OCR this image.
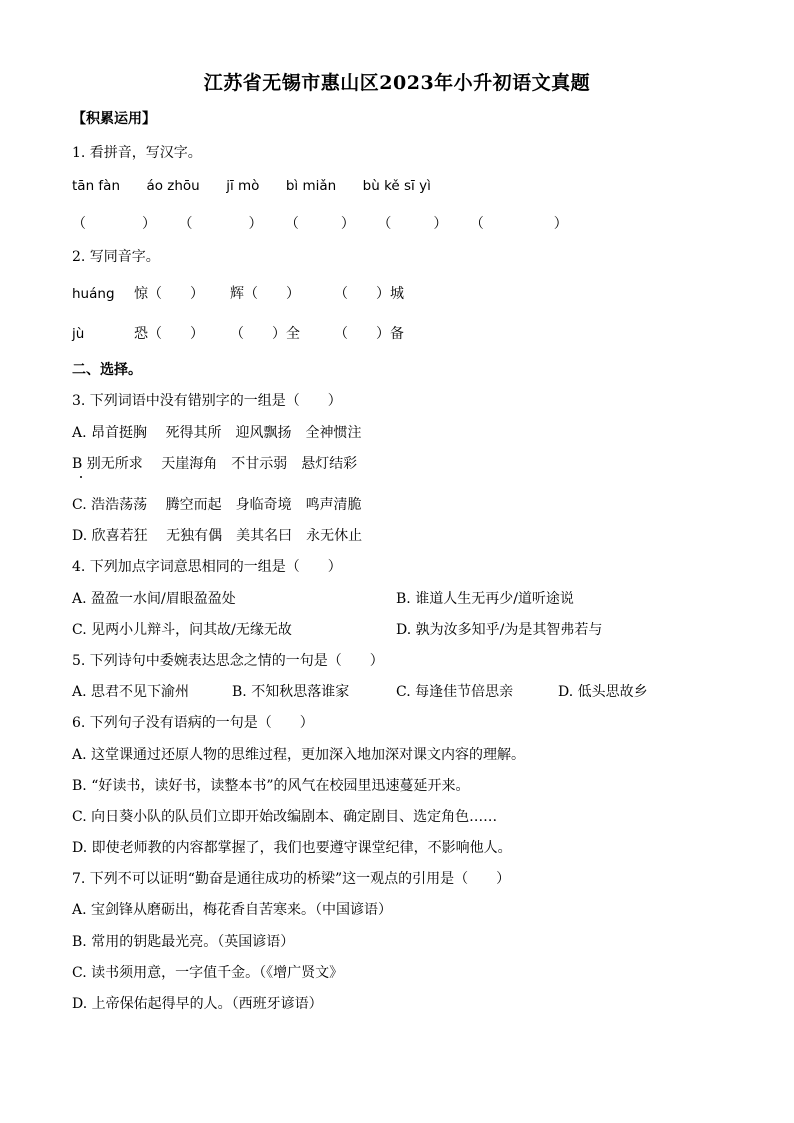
江苏省无锡市惠山区2023年小升初语文真题
【积累运用】
1. 看拼音，写汉字。
tān fàn áo zhōu jī mò bì miǎn bù kě sī yì
（　　　　） （　　　　） （　　　） （　　　） （　　　　　）
2. 写同音字。
huáng 惊（　　） 辉（　　） （　　）城
jù	恐（　　） （　　）全 （　　）备
二、选择。
3. 下列词语中没有错别字的一组是（　　）
A. 昂首挺胸　 死得其所　迎风飘扬　全神惯注
B 别无所求　 天崖海角　不甘示弱　悬灯结彩
C. 浩浩荡荡　 腾空而起　身临奇境　鸣声清脆
D. 欣喜若狂　 无独有偶　美其名曰　永无休止
4. 下列加点字词意思相同的一组是（　　）
A. 盈盈一水间/眉眼盈盈处	B. 谁道人生无再少/道听途说
C. 见两小儿辩斗，问其故/无缘无故	D. 孰为汝多知乎/为是其智弗若与
5. 下列诗句中委婉表达思念之情的一句是（　　）
A. 思君不见下渝州	B. 不知秋思落谁家	C. 每逢佳节倍思亲	D. 低头思故乡
6. 下列句子没有语病的一句是（　　）
A. 这堂课通过还原人物的思维过程，更加深入地加深对课文内容的理解。
B. “好读书，读好书，读整本书”的风气在校园里迅速蔓延开来。
C. 向日葵小队的队员们立即开始改编剧本、确定剧目、选定角色……
D. 即使老师教的内容都掌握了，我们也要遵守课堂纪律，不影响他人。
7. 下列不可以证明“勤奋是通往成功的桥梁”这一观点的引用是（　　）
A. 宝剑锋从磨砺出，梅花香自苦寒来。（中国谚语）
B. 常用的钥匙最光亮。（英国谚语）
C. 读书须用意，一字值千金。（《增广贤文》
D. 上帝保佑起得早的人。（西班牙谚语）
